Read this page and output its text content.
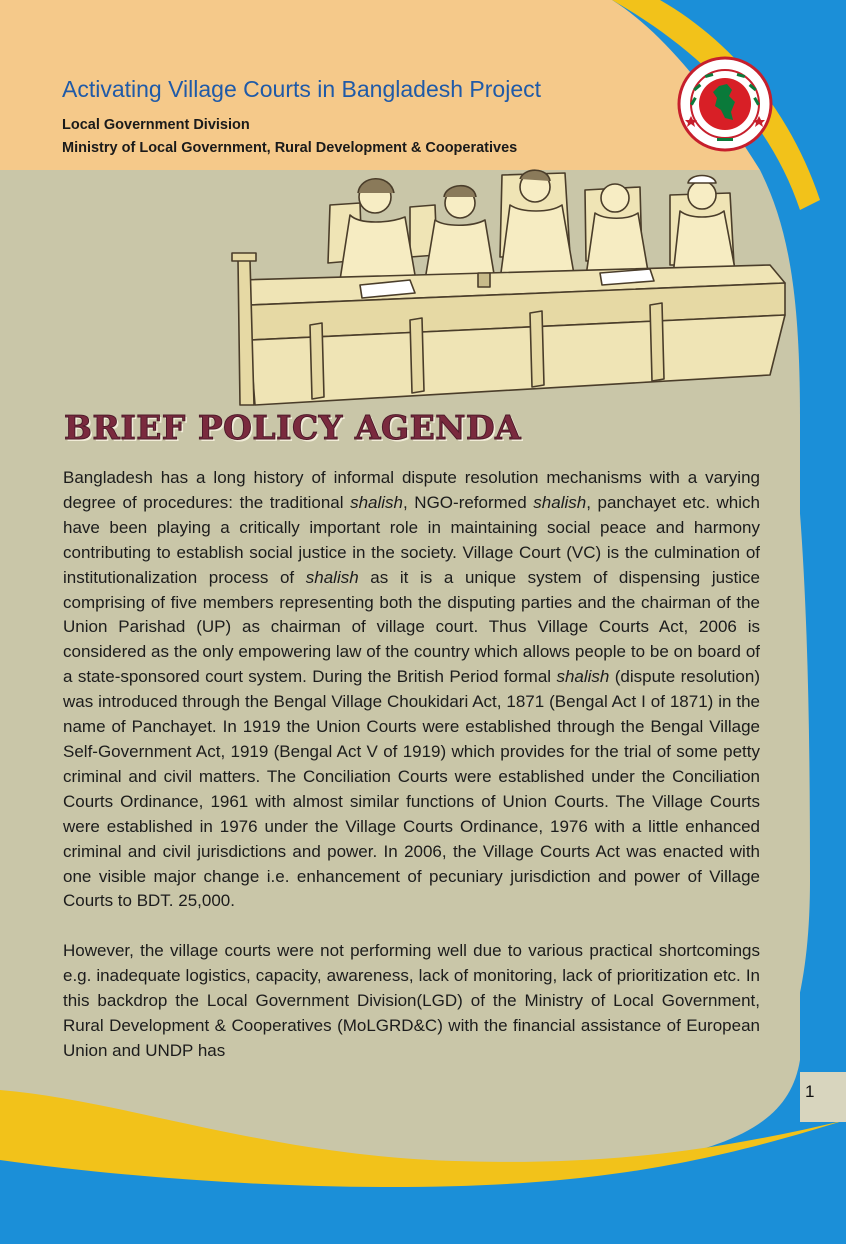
Activating Village Courts in Bangladesh Project
Local Government Division
Ministry of Local Government, Rural Development & Cooperatives
BRIEF POLICY AGENDA

Bangladesh has a long history of informal dispute resolution mechanisms with a varying degree of procedures: the traditional shalish, NGO-reformed shalish, panchayet etc. which have been playing a critically important role in maintaining social peace and harmony contributing to establish social justice in the society. Village Court (VC) is the culmination of institutionalization process of shalish as it is a unique system of dispensing justice comprising of five members representing both the disputing parties and the chairman of the Union Parishad (UP) as chairman of village court. Thus Village Courts Act, 2006 is considered as the only empowering law of the country which allows people to be on board of a state-sponsored court system. During the British Period formal shalish (dispute resolution) was introduced through the Bengal Village Choukidari Act, 1871 (Bengal Act I of 1871) in the name of Panchayet. In 1919 the Union Courts were established through the Bengal Village Self-Government Act, 1919 (Bengal Act V of 1919) which provides for the trial of some petty criminal and civil matters. The Conciliation Courts were established under the Conciliation Courts Ordinance, 1961 with almost similar functions of Union Courts. The Village Courts were established in 1976 under the Village Courts Ordinance, 1976 with a little enhanced criminal and civil jurisdictions and power. In 2006, the Village Courts Act was enacted with one visible major change i.e. enhancement of pecuniary jurisdiction and power of Village Courts to BDT. 25,000.

However, the village courts were not performing well due to various practical shortcomings e.g. inadequate logistics, capacity, awareness, lack of monitoring, lack of prioritization etc. In this backdrop the Local Government Division(LGD) of the Ministry of Local Government, Rural Development & Cooperatives (MoLGRD&C) with the financial assistance of European Union and UNDP has

1
